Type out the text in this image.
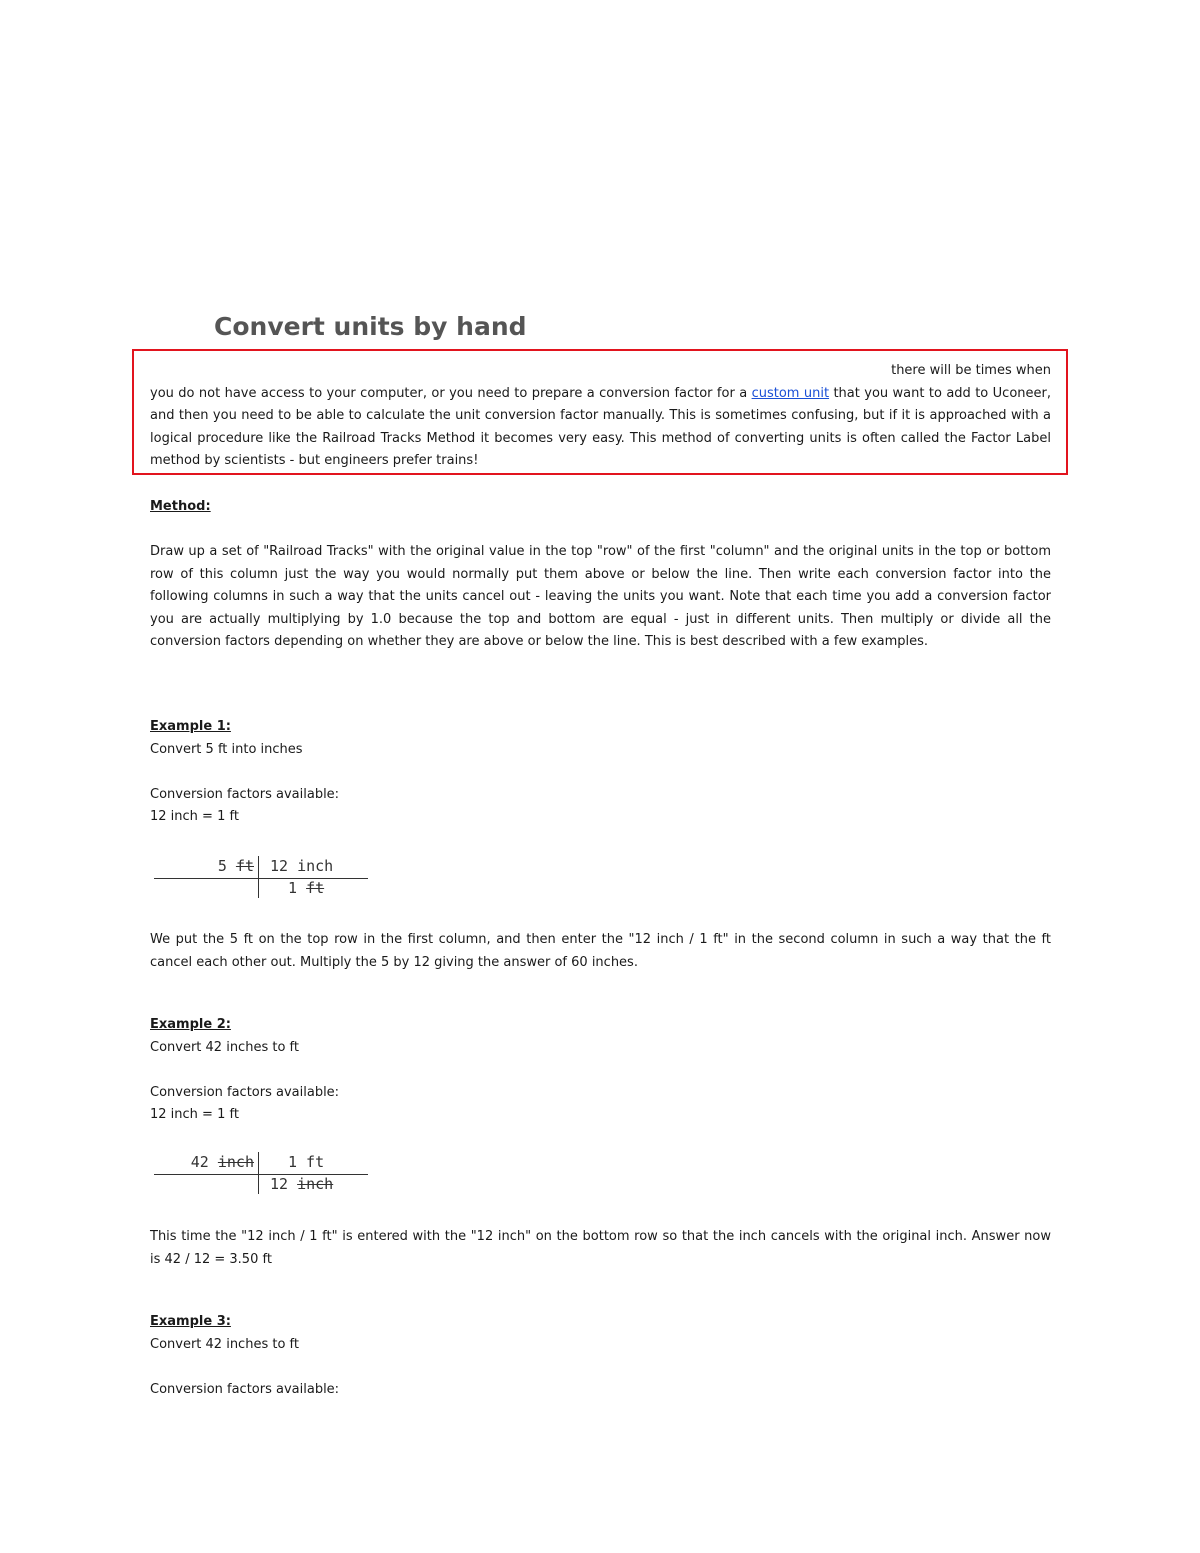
Convert units by hand
there will be times when
you do not have access to your computer, or you need to prepare a conversion factor for a custom unit that you want to add to Uconeer, and then you need to be able to calculate the unit conversion factor manually. This is sometimes confusing, but if it is approached with a logical procedure like the Railroad Tracks Method it becomes very easy. This method of converting units is often called the Factor Label method by scientists - but engineers prefer trains!
Method:
Draw up a set of "Railroad Tracks" with the original value in the top "row" of the first "column" and the original units in the top or bottom row of this column just the way you would normally put them above or below the line. Then write each conversion factor into the following columns in such a way that the units cancel out - leaving the units you want. Note that each time you add a conversion factor you are actually multiplying by 1.0 because the top and bottom are equal - just in different units. Then multiply or divide all the conversion factors depending on whether they are above or below the line. This is best described with a few examples.
Example 1:
Convert 5 ft into inches
Conversion factors available:
12 inch = 1 ft
5 ft 12 inch
1 ft
We put the 5 ft on the top row in the first column, and then enter the "12 inch / 1 ft" in the second column in such a way that the ft cancel each other out. Multiply the 5 by 12 giving the answer of 60 inches.
Example 2:
Convert 42 inches to ft
Conversion factors available:
12 inch = 1 ft
42 inch	1 ft
12 inch
This time the "12 inch / 1 ft" is entered with the "12 inch" on the bottom row so that the inch cancels with the original inch. Answer now is 42 / 12 = 3.50 ft
Example 3:
Convert 42 inches to ft
Conversion factors available:
